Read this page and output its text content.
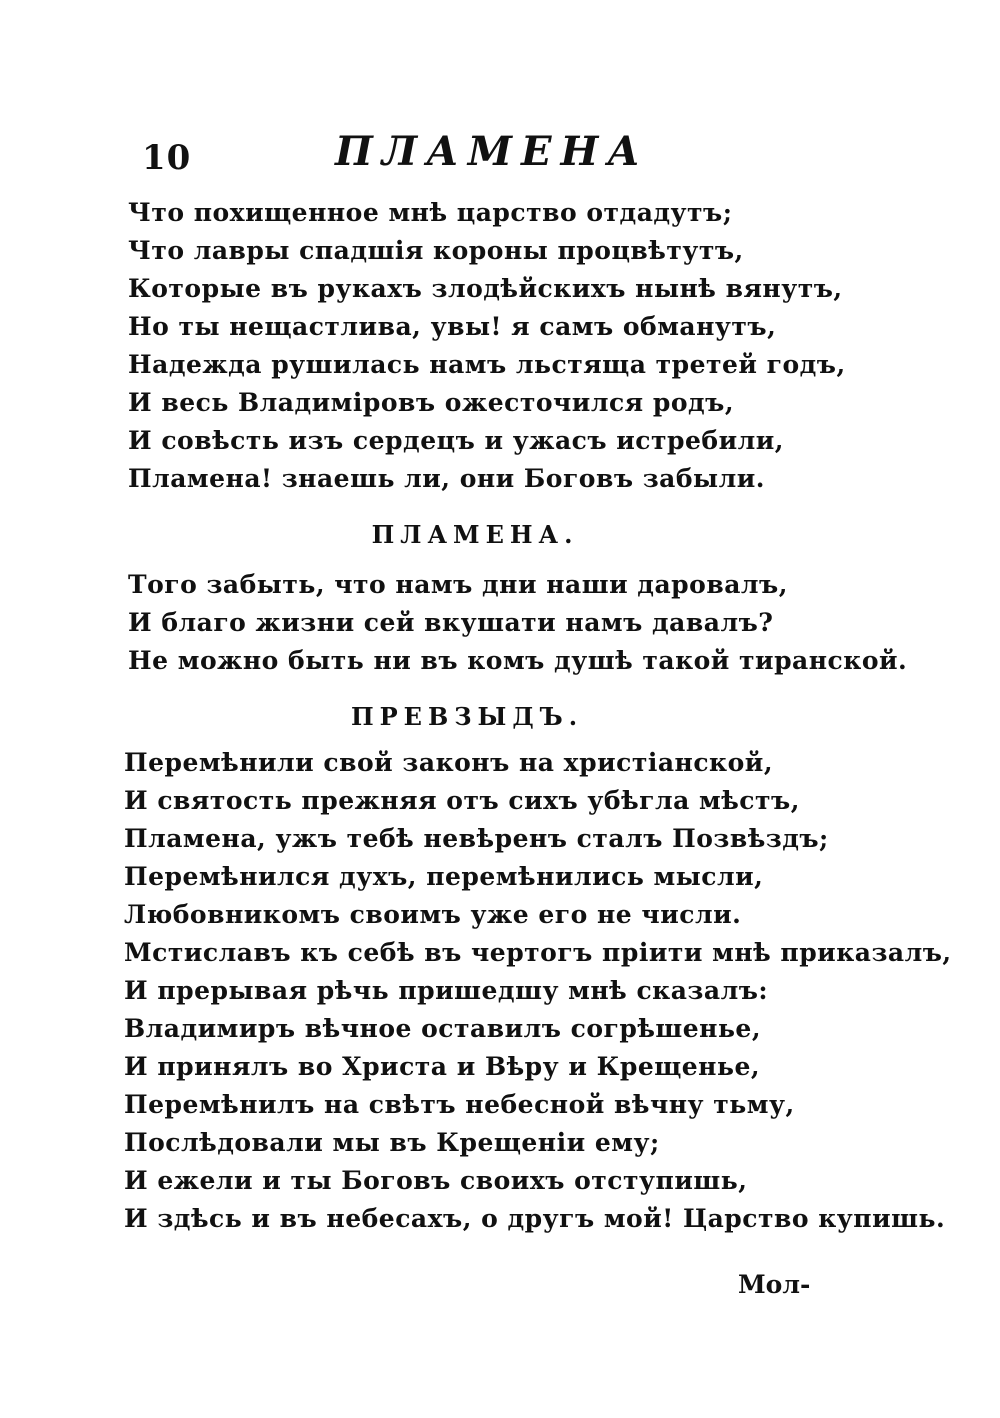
10	ПЛАМЕНА
Что похищенное мнѣ царство отдадутъ;
Что лавры спадшія короны процвѣтутъ,
Которые въ рукахъ злодѣйскихъ нынѣ вянутъ,
Но ты нещастлива, увы! я самъ обманутъ,
Надежда рушилась намъ льстяща третей годъ,
И весь Владиміровъ ожесточился родъ,
И совѣсть изъ сердецъ и ужасъ истребили,
Пламена! знаешь ли, они Боговъ забыли.
ПЛАМЕНА.
Того забыть, что намъ дни наши даровалъ,
И благо жизни сей вкушати намъ давалъ?
Не можно быть ни въ комъ душѣ такой тиранской.
ПРЕВЗЫДЪ.
Перемѣнили свой законъ на христіанской,
И святость прежняя отъ сихъ убѣгла мѣстъ,
Пламена, ужъ тебѣ невѣренъ сталъ Позвѣздъ;
Перемѣнился духъ, перемѣнились мысли,
Любовникомъ своимъ уже его не числи.
Мстиславъ къ себѣ въ чертогъ пріити мнѣ приказалъ,
И прерывая рѣчь пришедшу мнѣ сказалъ:
Владимиръ вѣчное оставилъ согрѣшенье,
И принялъ во Христа и Вѣру и Крещенье,
Перемѣнилъ на свѣтъ небесной вѣчну тьму,
Послѣдовали мы въ Крещеніи ему;
И ежели и ты Боговъ своихъ отступишь,
И здѣсь и въ небесахъ, о другъ мой! Царство купишь.
Мол-
